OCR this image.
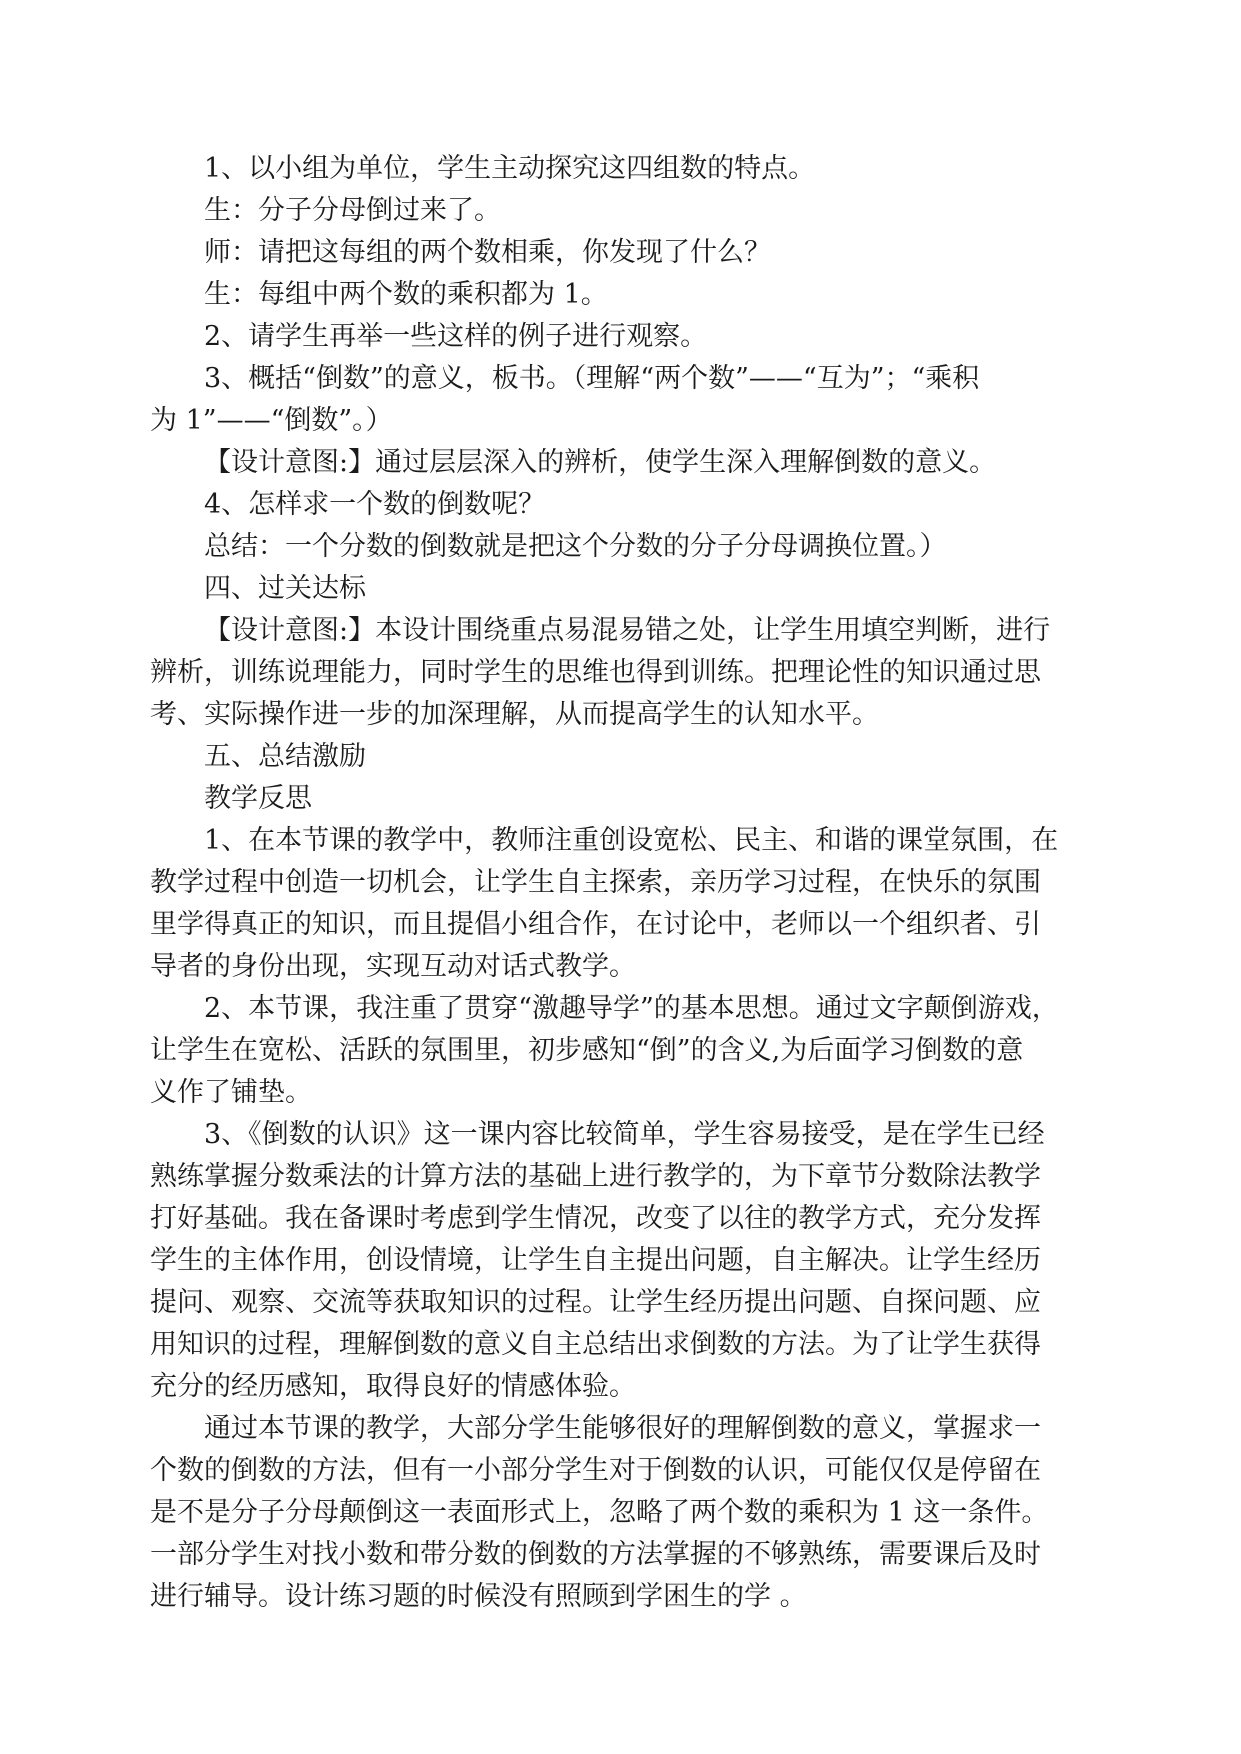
1、以小组为单位，学生主动探究这四组数的特点。
生：分子分母倒过来了。
师：请把这每组的两个数相乘，你发现了什么？
生：每组中两个数的乘积都为 1。
2、请学生再举一些这样的例子进行观察。
3、概括“倒数”的意义，板书。（理解“两个数”——“互为”；“乘积
为 1”——“倒数”。）
【设计意图:】通过层层深入的辨析，使学生深入理解倒数的意义。
4、怎样求一个数的倒数呢？
总结：一个分数的倒数就是把这个分数的分子分母调换位置。）
四、过关达标
【设计意图:】本设计围绕重点易混易错之处，让学生用填空判断，进行
辨析，训练说理能力，同时学生的思维也得到训练。把理论性的知识通过思
考、实际操作进一步的加深理解，从而提高学生的认知水平。
五、总结激励
教学反思
1、在本节课的教学中，教师注重创设宽松、民主、和谐的课堂氛围，在
教学过程中创造一切机会，让学生自主探索，亲历学习过程，在快乐的氛围
里学得真正的知识，而且提倡小组合作，在讨论中，老师以一个组织者、引
导者的身份出现，实现互动对话式教学。
2、本节课，我注重了贯穿“激趣导学”的基本思想。通过文字颠倒游戏，
让学生在宽松、活跃的氛围里，初步感知“倒”的含义,为后面学习倒数的意
义作了铺垫。
3、《倒数的认识》这一课内容比较简单，学生容易接受，是在学生已经
熟练掌握分数乘法的计算方法的基础上进行教学的，为下章节分数除法教学
打好基础。我在备课时考虑到学生情况，改变了以往的教学方式，充分发挥
学生的主体作用，创设情境，让学生自主提出问题，自主解决。让学生经历
提问、观察、交流等获取知识的过程。让学生经历提出问题、自探问题、应
用知识的过程，理解倒数的意义自主总结出求倒数的方法。为了让学生获得
充分的经历感知，取得良好的情感体验。
通过本节课的教学，大部分学生能够很好的理解倒数的意义，掌握求一
个数的倒数的方法，但有一小部分学生对于倒数的认识，可能仅仅是停留在
是不是分子分母颠倒这一表面形式上，忽略了两个数的乘积为 1 这一条件。
一部分学生对找小数和带分数的倒数的方法掌握的不够熟练，需要课后及时
进行辅导。设计练习题的时候没有照顾到学困生的学 。
